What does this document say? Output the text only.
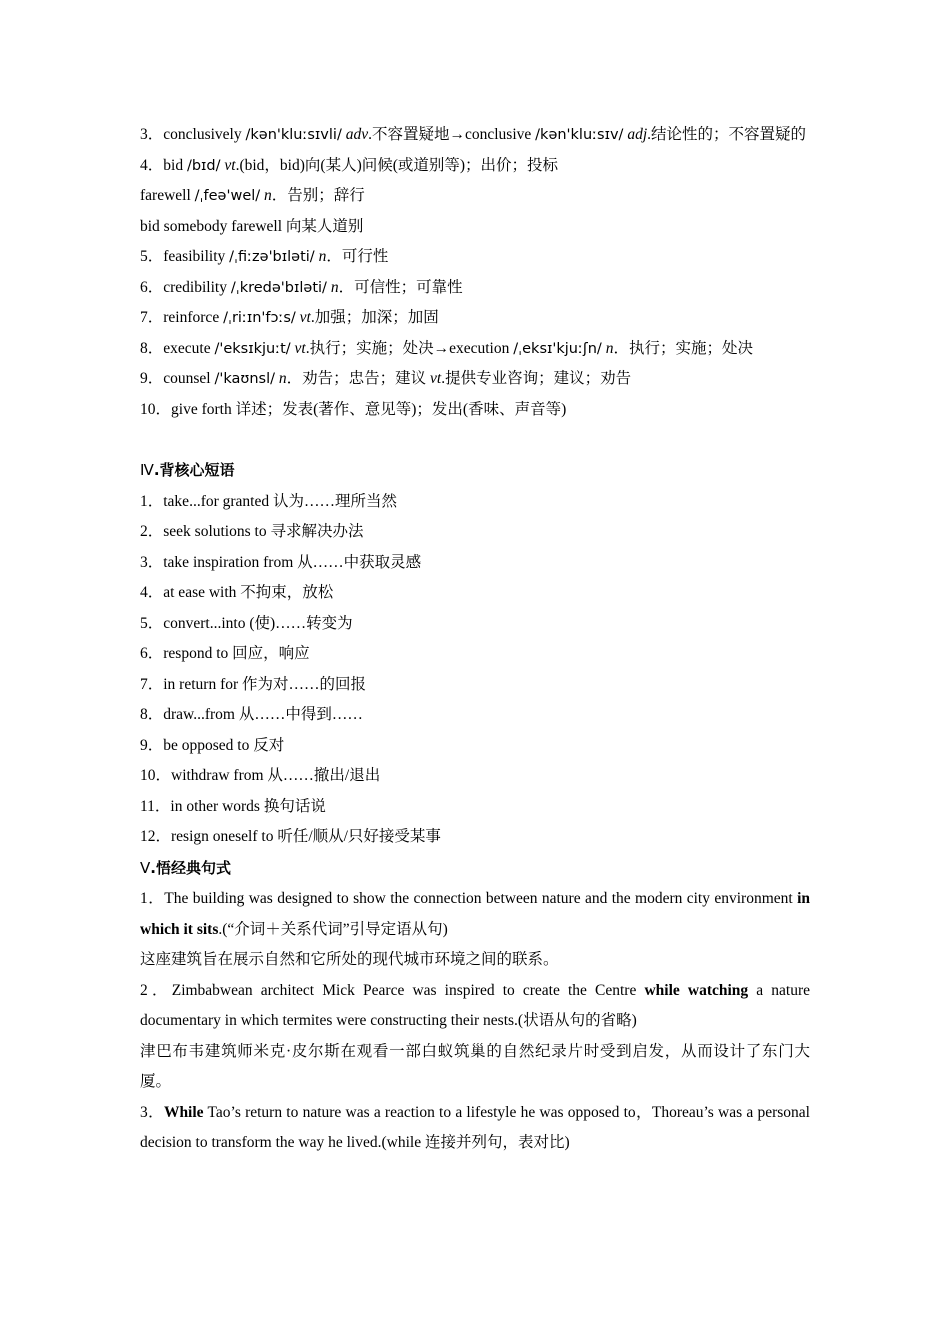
3．conclusively /kən'kluːsɪvli/ adv.不容置疑地→conclusive /kən'kluːsɪv/ adj.结论性的；不容置疑的

4．bid /bɪd/ vt.(bid，bid)向(某人)问候(或道别等)；出价；投标

farewell /ˌfeə'wel/ n．告别；辞行

bid somebody farewell 向某人道别

5．feasibility /ˌfiːzə'bɪləti/ n．可行性

6．credibility /ˌkredə'bɪləti/ n．可信性；可靠性

7．reinforce /ˌriːɪn'fɔːs/ vt.加强；加深；加固

8．execute /'eksɪkjuːt/ vt.执行；实施；处决→execution /ˌeksɪ'kjuːʃn/ n．执行；实施；处决

9．counsel /'kaʊnsl/ n．劝告；忠告；建议 vt.提供专业咨询；建议；劝告

10．give forth 详述；发表(著作、意见等)；发出(香味、声音等)

Ⅳ.背核心短语

1．take...for granted 认为……理所当然

2．seek solutions to 寻求解决办法

3．take inspiration from 从……中获取灵感

4．at ease with 不拘束，放松

5．convert...into (使)……转变为

6．respond to 回应，响应

7．in return for 作为对……的回报

8．draw...from 从……中得到……

9．be opposed to 反对

10．withdraw from 从……撤出/退出

11．in other words 换句话说

12．resign oneself to 听任/顺从/只好接受某事

Ⅴ.悟经典句式

1．The building was designed to show the connection between nature and the modern city environment in which it sits.(“介词＋关系代词”引导定语从句)

这座建筑旨在展示自然和它所处的现代城市环境之间的联系。

2．Zimbabwean architect Mick Pearce was inspired to create the Centre while watching a nature documentary in which termites were constructing their nests.(状语从句的省略)

津巴布韦建筑师米克·皮尔斯在观看一部白蚁筑巢的自然纪录片时受到启发，从而设计了东门大厦。

3．While Tao’s return to nature was a reaction to a lifestyle he was opposed to，Thoreau’s was a personal decision to transform the way he lived.(while 连接并列句，表对比)
